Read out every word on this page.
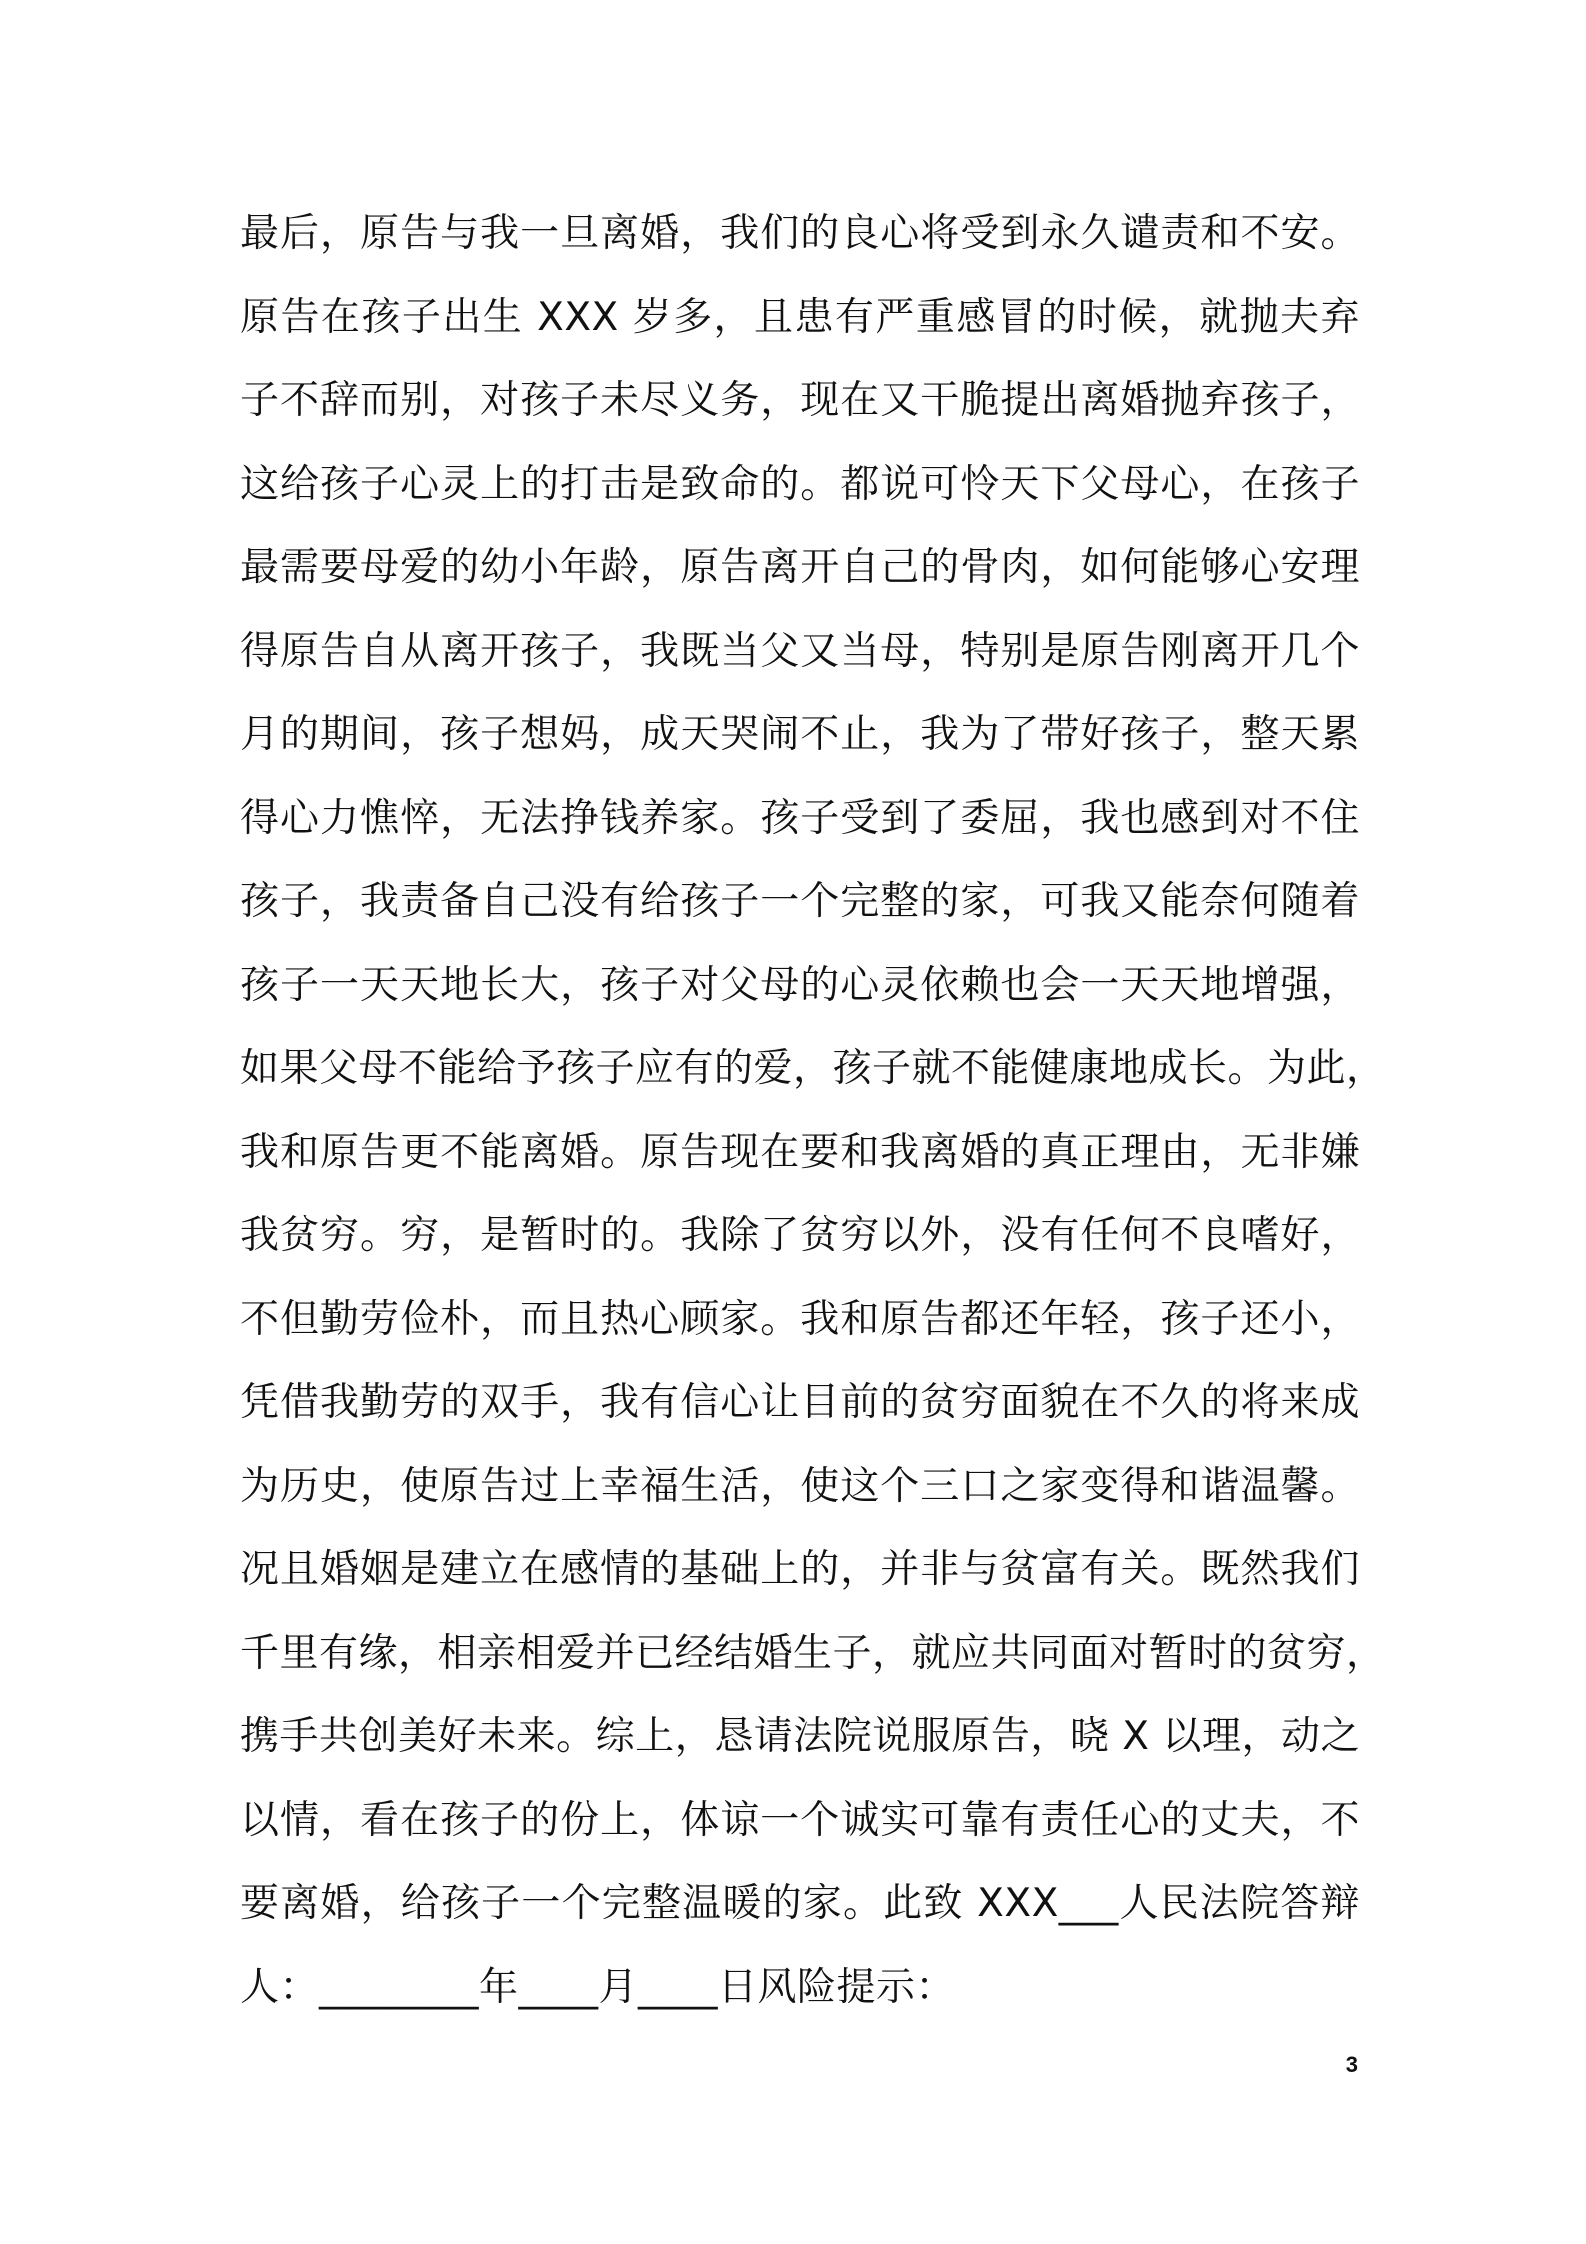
最后，原告与我一旦离婚，我们的良心将受到永久谴责和不安。
原告在孩子出生 XXX 岁多，且患有严重感冒的时候，就抛夫弃
子不辞而别，对孩子未尽义务，现在又干脆提出离婚抛弃孩子，
这给孩子心灵上的打击是致命的。都说可怜天下父母心，在孩子
最需要母爱的幼小年龄，原告离开自己的骨肉，如何能够心安理
得原告自从离开孩子，我既当父又当母，特别是原告刚离开几个
月的期间，孩子想妈，成天哭闹不止，我为了带好孩子，整天累
得心力憔悴，无法挣钱养家。孩子受到了委屈，我也感到对不住
孩子，我责备自己没有给孩子一个完整的家，可我又能奈何随着
孩子一天天地长大，孩子对父母的心灵依赖也会一天天地增强，
如果父母不能给予孩子应有的爱，孩子就不能健康地成长。为此，
我和原告更不能离婚。原告现在要和我离婚的真正理由，无非嫌
我贫穷。穷，是暂时的。我除了贫穷以外，没有任何不良嗜好，
不但勤劳俭朴，而且热心顾家。我和原告都还年轻，孩子还小，
凭借我勤劳的双手，我有信心让目前的贫穷面貌在不久的将来成
为历史，使原告过上幸福生活，使这个三口之家变得和谐温馨。
况且婚姻是建立在感情的基础上的，并非与贫富有关。既然我们
千里有缘，相亲相爱并已经结婚生子，就应共同面对暂时的贫穷，
携手共创美好未来。综上，恳请法院说服原告，晓 X 以理，动之
以情，看在孩子的份上，体谅一个诚实可靠有责任心的丈夫，不
要离婚，给孩子一个完整温暖的家。此致 XXX___人民法院答辩
人：________年____月____日风险提示：
3
